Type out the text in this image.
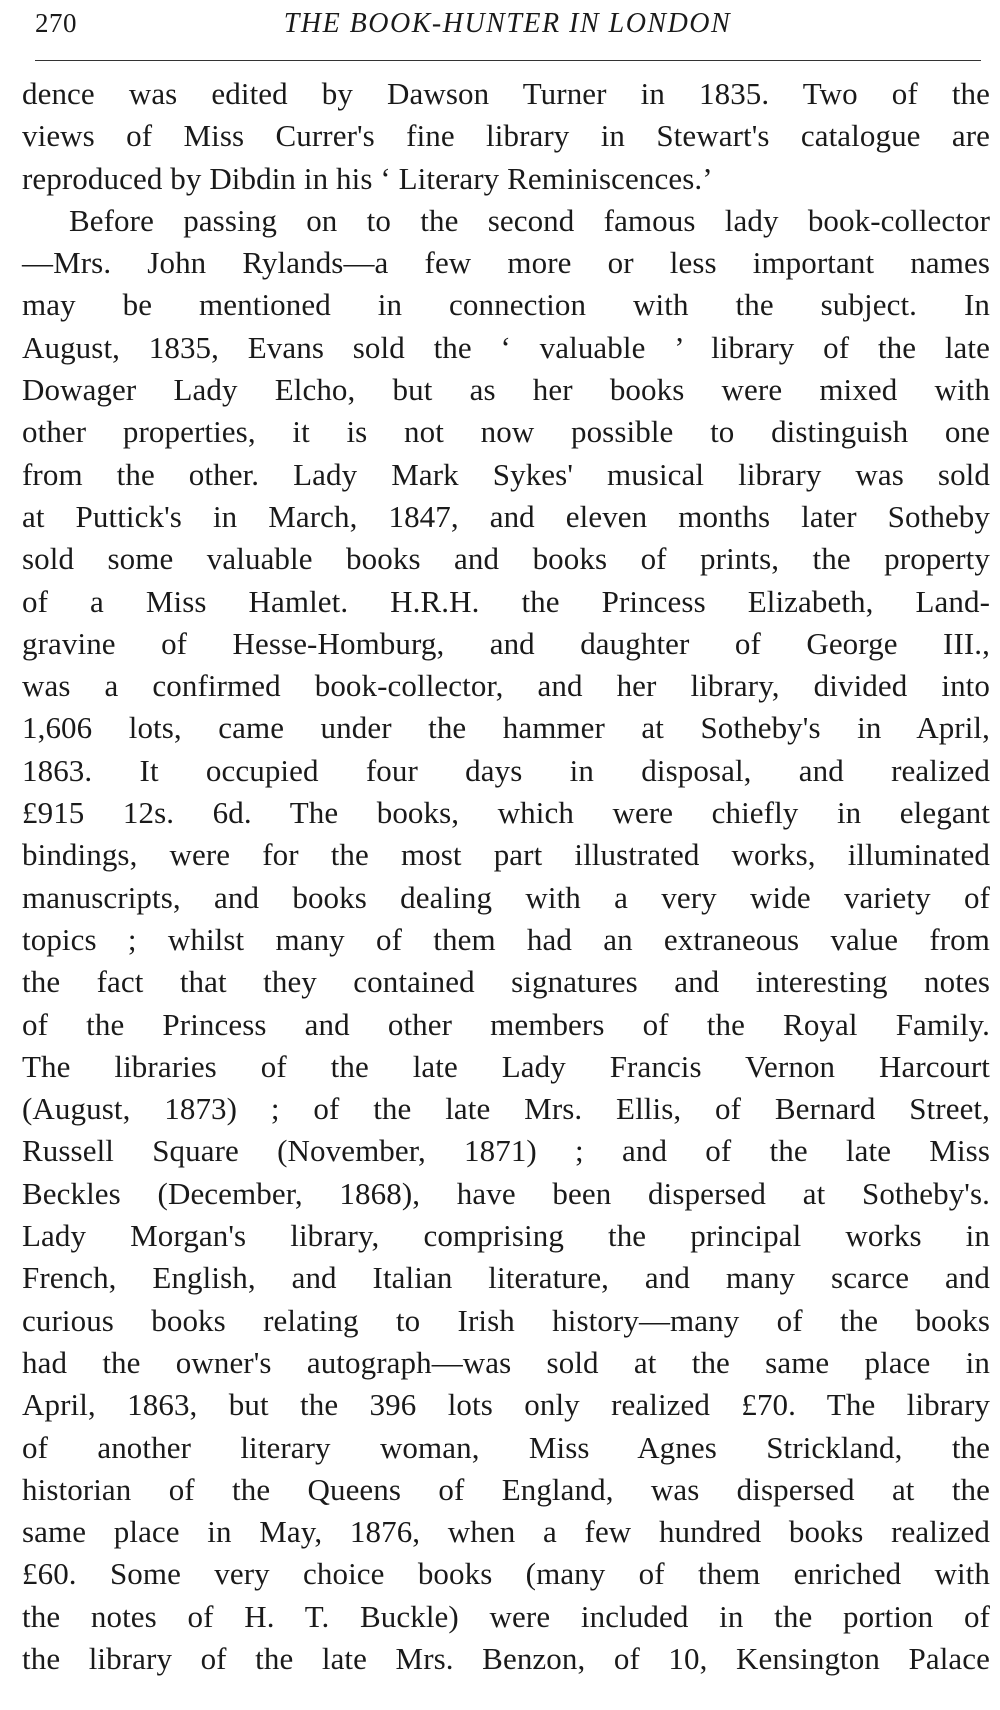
270	THE BOOK-HUNTER IN LONDON
dence was edited by Dawson Turner in 1835. Two of the
views of Miss Currer's fine library in Stewart's catalogue are
reproduced by Dibdin in his ‘ Literary Reminiscences.’
Before passing on to the second famous lady book-collector
—Mrs. John Rylands—a few more or less important names
may be mentioned in connection with the subject. In
August, 1835, Evans sold the ‘ valuable ’ library of the late
Dowager Lady Elcho, but as her books were mixed with
other properties, it is not now possible to distinguish one
from the other. Lady Mark Sykes' musical library was sold
at Puttick's in March, 1847, and eleven months later Sotheby
sold some valuable books and books of prints, the property
of a Miss Hamlet. H.R.H. the Princess Elizabeth, Land-
gravine of Hesse-Homburg, and daughter of George III.,
was a confirmed book-collector, and her library, divided into
1,606 lots, came under the hammer at Sotheby's in April,
1863. It occupied four days in disposal, and realized
£915 12s. 6d. The books, which were chiefly in elegant
bindings, were for the most part illustrated works, illuminated
manuscripts, and books dealing with a very wide variety of
topics ; whilst many of them had an extraneous value from
the fact that they contained signatures and interesting notes
of the Princess and other members of the Royal Family.
The libraries of the late Lady Francis Vernon Harcourt
(August, 1873) ; of the late Mrs. Ellis, of Bernard Street,
Russell Square (November, 1871) ; and of the late Miss
Beckles (December, 1868), have been dispersed at Sotheby's.
Lady Morgan's library, comprising the principal works in
French, English, and Italian literature, and many scarce and
curious books relating to Irish history—many of the books
had the owner's autograph—was sold at the same place in
April, 1863, but the 396 lots only realized £70. The library
of another literary woman, Miss Agnes Strickland, the
historian of the Queens of England, was dispersed at the
same place in May, 1876, when a few hundred books realized
£60. Some very choice books (many of them enriched with
the notes of H. T. Buckle) were included in the portion of
the library of the late Mrs. Benzon, of 10, Kensington Palace
